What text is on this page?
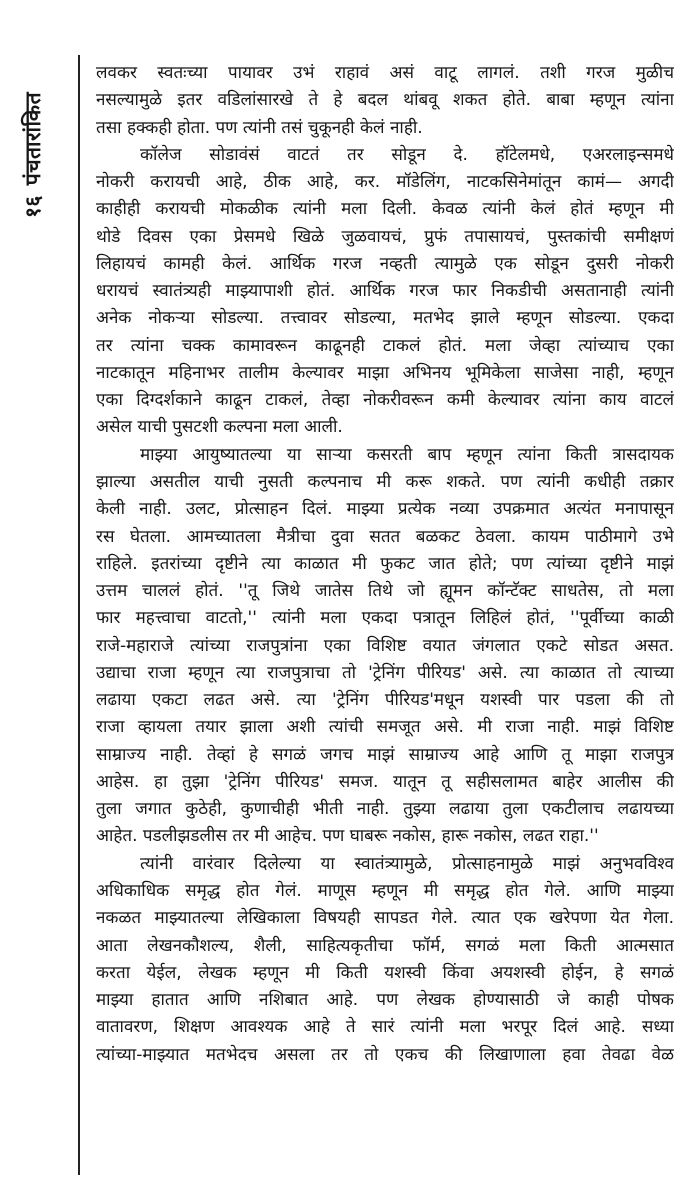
१६पंचतारांकित
लवकर स्वतःच्या पायावर उभं राहावं असं वाटू लागलं. तशी गरज मुळीच
नसल्यामुळे इतर वडिलांसारखे ते हे बदल थांबवू शकत होते. बाबा म्हणून त्यांना
तसा हक्कही होता. पण त्यांनी तसं चुकूनही केलं नाही.
कॉलेज सोडावंसं वाटतं तर सोडून दे. हॉटेलमधे, एअरलाइन्समधे
नोकरी करायची आहे, ठीक आहे, कर. मॉडेलिंग, नाटकसिनेमांतून कामं— अगदी
काहीही करायची मोकळीक त्यांनी मला दिली. केवळ त्यांनी केलं होतं म्हणून मी
थोडे दिवस एका प्रेसमधे खिळे जुळवायचं, प्रुफं तपासायचं, पुस्तकांची समीक्षणं
लिहायचं कामही केलं. आर्थिक गरज नव्हती त्यामुळे एक सोडून दुसरी नोकरी
धरायचं स्वातंत्र्यही माझ्यापाशी होतं. आर्थिक गरज फार निकडीची असतानाही त्यांनी
अनेक नोकऱ्या सोडल्या. तत्त्वावर सोडल्या, मतभेद झाले म्हणून सोडल्या. एकदा
तर त्यांना चक्क कामावरून काढूनही टाकलं होतं. मला जेव्हा त्यांच्याच एका
नाटकातून महिनाभर तालीम केल्यावर माझा अभिनय भूमिकेला साजेसा नाही, म्हणून
एका दिग्दर्शकाने काढून टाकलं, तेव्हा नोकरीवरून कमी केल्यावर त्यांना काय वाटलं
असेल याची पुसटशी कल्पना मला आली.
माझ्या आयुष्यातल्या या साऱ्या कसरती बाप म्हणून त्यांना किती त्रासदायक
झाल्या असतील याची नुसती कल्पनाच मी करू शकते. पण त्यांनी कधीही तक्रार
केली नाही. उलट, प्रोत्साहन दिलं. माझ्या प्रत्येक नव्या उपक्रमात अत्यंत मनापासून
रस घेतला. आमच्यातला मैत्रीचा दुवा सतत बळकट ठेवला. कायम पाठीमागे उभे
राहिले. इतरांच्या दृष्टीने त्या काळात मी फुकट जात होते; पण त्यांच्या दृष्टीने माझं
उत्तम चाललं होतं. ''तू जिथे जातेस तिथे जो ह्यूमन कॉन्टॅक्ट साधतेस, तो मला
फार महत्त्वाचा वाटतो,'' त्यांनी मला एकदा पत्रातून लिहिलं होतं, ''पूर्वीच्या काळी
राजे-महाराजे त्यांच्या राजपुत्रांना एका विशिष्ट वयात जंगलात एकटे सोडत असत.
उद्याचा राजा म्हणून त्या राजपुत्राचा तो 'ट्रेनिंग पीरियड' असे. त्या काळात तो त्याच्या
लढाया एकटा लढत असे. त्या 'ट्रेनिंग पीरियड'मधून यशस्वी पार पडला की तो
राजा व्हायला तयार झाला अशी त्यांची समजूत असे. मी राजा नाही. माझं विशिष्ट
साम्राज्य नाही. तेव्हां हे सगळं जगच माझं साम्राज्य आहे आणि तू माझा राजपुत्र
आहेस. हा तुझा 'ट्रेनिंग पीरियड' समज. यातून तू सहीसलामत बाहेर आलीस की
तुला जगात कुठेही, कुणाचीही भीती नाही. तुझ्या लढाया तुला एकटीलाच लढायच्या
आहेत. पडलीझडलीस तर मी आहेच. पण घाबरू नकोस, हारू नकोस, लढत राहा.''
त्यांनी वारंवार दिलेल्या या स्वातंत्र्यामुळे, प्रोत्साहनामुळे माझं अनुभवविश्व
अधिकाधिक समृद्ध होत गेलं. माणूस म्हणून मी समृद्ध होत गेले. आणि माझ्या
नकळत माझ्यातल्या लेखिकाला विषयही सापडत गेले. त्यात एक खरेपणा येत गेला.
आता लेखनकौशल्य, शैली, साहित्यकृतीचा फॉर्म, सगळं मला किती आत्मसात
करता येईल, लेखक म्हणून मी किती यशस्वी किंवा अयशस्वी होईन, हे सगळं
माझ्या हातात आणि नशिबात आहे. पण लेखक होण्यासाठी जे काही पोषक
वातावरण, शिक्षण आवश्यक आहे ते सारं त्यांनी मला भरपूर दिलं आहे. सध्या
त्यांच्या-माझ्यात मतभेदच असला तर तो एकच की लिखाणाला हवा तेवढा वेळ
